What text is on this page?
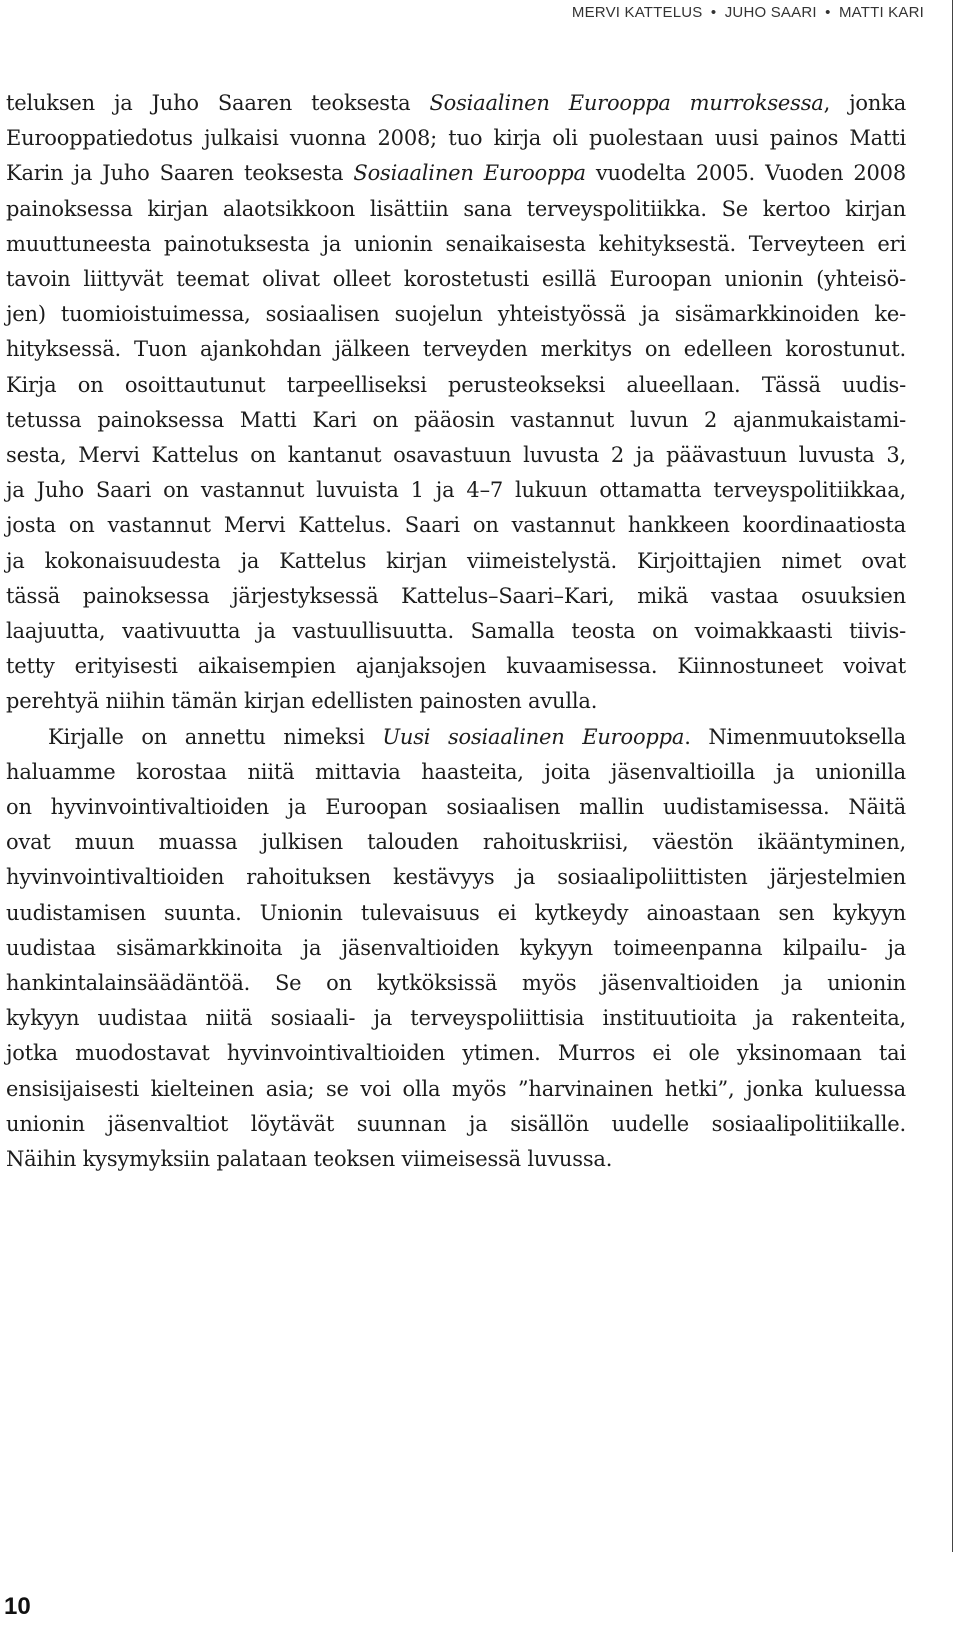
MERVI KATTELUS • JUHO SAARI • MATTI KARI
teluksen ja Juho Saaren teoksesta Sosiaalinen Eurooppa murroksessa, jonka
Eurooppatiedotus julkaisi vuonna 2008; tuo kirja oli puolestaan uusi painos Matti
Karin ja Juho Saaren teoksesta Sosiaalinen Eurooppa vuodelta 2005. Vuoden 2008
painoksessa kirjan alaotsikkoon lisättiin sana terveyspolitiikka. Se kertoo kirjan
muuttuneesta painotuksesta ja unionin senaikaisesta kehityksestä. Terveyteen eri
tavoin liittyvät teemat olivat olleet korostetusti esillä Euroopan unionin (yhteisö-
jen) tuomioistuimessa, sosiaalisen suojelun yhteistyössä ja sisämarkkinoiden ke-
hityksessä. Tuon ajankohdan jälkeen terveyden merkitys on edelleen korostunut.
Kirja on osoittautunut tarpeelliseksi perusteokseksi alueellaan. Tässä uudis-
tetussa painoksessa Matti Kari on pääosin vastannut luvun 2 ajanmukaistami-
sesta, Mervi Kattelus on kantanut osavastuun luvusta 2 ja päävastuun luvusta 3,
ja Juho Saari on vastannut luvuista 1 ja 4–7 lukuun ottamatta terveyspolitiikkaa,
josta on vastannut Mervi Kattelus. Saari on vastannut hankkeen koordinaatiosta
ja kokonaisuudesta ja Kattelus kirjan viimeistelystä. Kirjoittajien nimet ovat
tässä painoksessa järjestyksessä Kattelus–Saari–Kari, mikä vastaa osuuksien
laajuutta, vaativuutta ja vastuullisuutta. Samalla teosta on voimakkaasti tiivis-
tetty erityisesti aikaisempien ajanjaksojen kuvaamisessa. Kiinnostuneet voivat
perehtyä niihin tämän kirjan edellisten painosten avulla.
Kirjalle on annettu nimeksi Uusi sosiaalinen Eurooppa. Nimenmuutoksella
haluamme korostaa niitä mittavia haasteita, joita jäsenvaltioilla ja unionilla
on hyvinvointivaltioiden ja Euroopan sosiaalisen mallin uudistamisessa. Näitä
ovat muun muassa julkisen talouden rahoituskriisi, väestön ikääntyminen,
hyvinvointivaltioiden rahoituksen kestävyys ja sosiaalipoliittisten järjestelmien
uudistamisen suunta. Unionin tulevaisuus ei kytkeydy ainoastaan sen kykyyn
uudistaa sisämarkkinoita ja jäsenvaltioiden kykyyn toimeenpanna kilpailu- ja
hankintalainsäädäntöä. Se on kytköksissä myös jäsenvaltioiden ja unionin
kykyyn uudistaa niitä sosiaali- ja terveyspoliittisia instituutioita ja rakenteita,
jotka muodostavat hyvinvointivaltioiden ytimen. Murros ei ole yksinomaan tai
ensisijaisesti kielteinen asia; se voi olla myös ”harvinainen hetki”, jonka kuluessa
unionin jäsenvaltiot löytävät suunnan ja sisällön uudelle sosiaalipolitiikalle.
Näihin kysymyksiin palataan teoksen viimeisessä luvussa.
10
